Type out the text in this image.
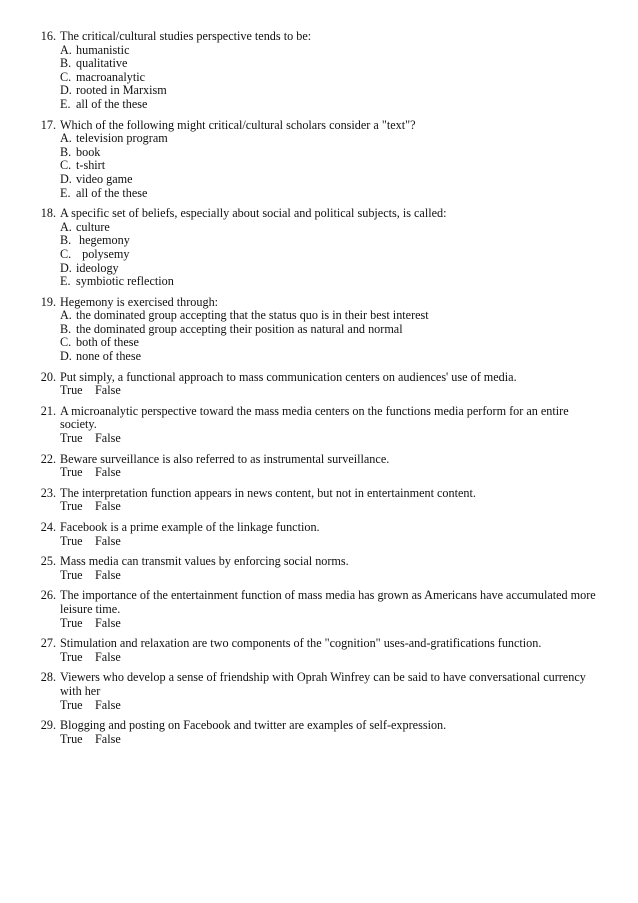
16. The critical/cultural studies perspective tends to be:
A. humanistic
B. qualitative
C. macroanalytic
D. rooted in Marxism
E. all of the these
17. Which of the following might critical/cultural scholars consider a "text"?
A. television program
B. book
C. t-shirt
D. video game
E. all of the these
18. A specific set of beliefs, especially about social and political subjects, is called:
A. culture
B. hegemony
C. polysemy
D. ideology
E. symbiotic reflection
19. Hegemony is exercised through:
A. the dominated group accepting that the status quo is in their best interest
B. the dominated group accepting their position as natural and normal
C. both of these
D. none of these
20. Put simply, a functional approach to mass communication centers on audiences' use of media.
True	False
21. A microanalytic perspective toward the mass media centers on the functions media perform for an entire society.
True	False
22. Beware surveillance is also referred to as instrumental surveillance.
True	False
23. The interpretation function appears in news content, but not in entertainment content.
True	False
24. Facebook is a prime example of the linkage function.
True	False
25. Mass media can transmit values by enforcing social norms.
True	False
26. The importance of the entertainment function of mass media has grown as Americans have accumulated more leisure time.
True	False
27. Stimulation and relaxation are two components of the "cognition" uses-and-gratifications function.
True	False
28. Viewers who develop a sense of friendship with Oprah Winfrey can be said to have conversational currency with her
True	False
29. Blogging and posting on Facebook and twitter are examples of self-expression.
True	False
